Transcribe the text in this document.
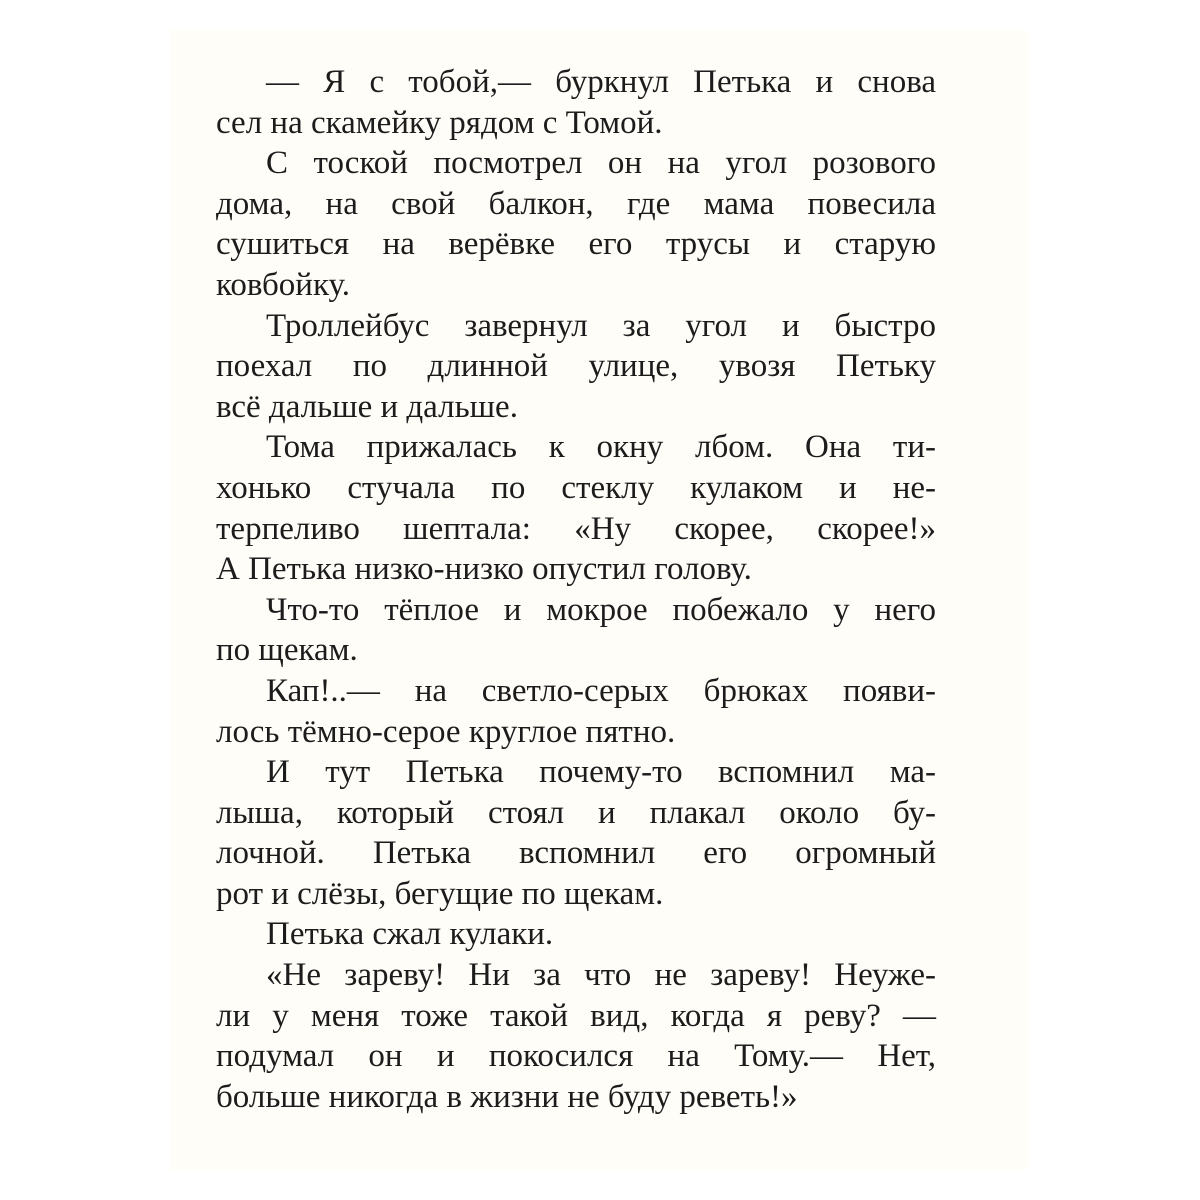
— Я с тобой,— буркнул Петька и снова
сел на скамейку рядом с Томой.
С тоской посмотрел он на угол розового
дома, на свой балкон, где мама повесила
сушиться на верёвке его трусы и старую
ковбойку.
Троллейбус завернул за угол и быстро
поехал по длинной улице, увозя Петьку
всё дальше и дальше.
Тома прижалась к окну лбом. Она ти-
хонько стучала по стеклу кулаком и не-
терпеливо шептала: «Ну скорее, скорее!»
А Петька низко-низко опустил голову.
Что-то тёплое и мокрое побежало у него
по щекам.
Кап!..— на светло-серых брюках появи-
лось тёмно-серое круглое пятно.
И тут Петька почему-то вспомнил ма-
лыша, который стоял и плакал около бу-
лочной. Петька вспомнил его огромный
рот и слёзы, бегущие по щекам.
Петька сжал кулаки.
«Не зареву! Ни за что не зареву! Неуже-
ли у меня тоже такой вид, когда я реву? —
подумал он и покосился на Тому.— Нет,
больше никогда в жизни не буду реветь!»
